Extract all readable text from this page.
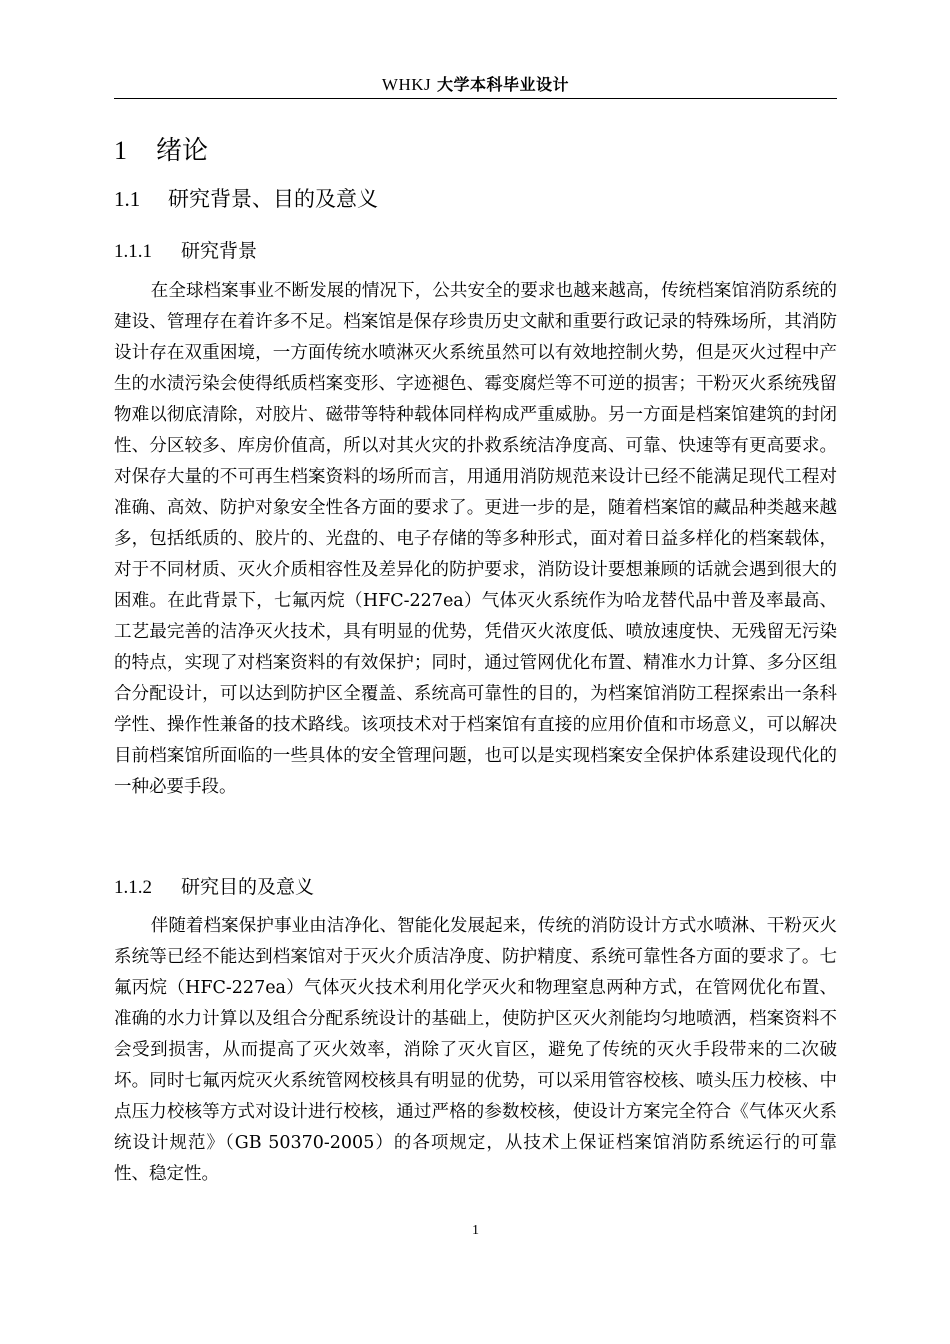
WHKJ 大学本科毕业设计
1 绪论
1.1 研究背景、目的及意义
1.1.1 研究背景

在全球档案事业不断发展的情况下，公共安全的要求也越来越高，传统档案馆消防系统的建设、管理存在着许多不足。档案馆是保存珍贵历史文献和重要行政记录的特殊场所，其消防设计存在双重困境，一方面传统水喷淋灭火系统虽然可以有效地控制火势，但是灭火过程中产生的水渍污染会使得纸质档案变形、字迹褪色、霉变腐烂等不可逆的损害；干粉灭火系统残留物难以彻底清除，对胶片、磁带等特种载体同样构成严重威胁。另一方面是档案馆建筑的封闭性、分区较多、库房价值高，所以对其火灾的扑救系统洁净度高、可靠、快速等有更高要求。对保存大量的不可再生档案资料的场所而言，用通用消防规范来设计已经不能满足现代工程对准确、高效、防护对象安全性各方面的要求了。更进一步的是，随着档案馆的藏品种类越来越多，包括纸质的、胶片的、光盘的、电子存储的等多种形式，面对着日益多样化的档案载体，对于不同材质、灭火介质相容性及差异化的防护要求，消防设计要想兼顾的话就会遇到很大的困难。在此背景下，七氟丙烷（HFC-227ea）气体灭火系统作为哈龙替代品中普及率最高、工艺最完善的洁净灭火技术，具有明显的优势，凭借灭火浓度低、喷放速度快、无残留无污染的特点，实现了对档案资料的有效保护；同时，通过管网优化布置、精准水力计算、多分区组合分配设计，可以达到防护区全覆盖、系统高可靠性的目的，为档案馆消防工程探索出一条科学性、操作性兼备的技术路线。该项技术对于档案馆有直接的应用价值和市场意义，可以解决目前档案馆所面临的一些具体的安全管理问题，也可以是实现档案安全保护体系建设现代化的一种必要手段。

1.1.2 研究目的及意义

伴随着档案保护事业由洁净化、智能化发展起来，传统的消防设计方式水喷淋、干粉灭火系统等已经不能达到档案馆对于灭火介质洁净度、防护精度、系统可靠性各方面的要求了。七氟丙烷（HFC-227ea）气体灭火技术利用化学灭火和物理窒息两种方式，在管网优化布置、准确的水力计算以及组合分配系统设计的基础上，使防护区灭火剂能均匀地喷洒，档案资料不会受到损害，从而提高了灭火效率，消除了灭火盲区，避免了传统的灭火手段带来的二次破坏。同时七氟丙烷灭火系统管网校核具有明显的优势，可以采用管容校核、喷头压力校核、中点压力校核等方式对设计进行校核，通过严格的参数校核，使设计方案完全符合《气体灭火系统设计规范》（GB 50370-2005）的各项规定，从技术上保证档案馆消防系统运行的可靠性、稳定性。

1
